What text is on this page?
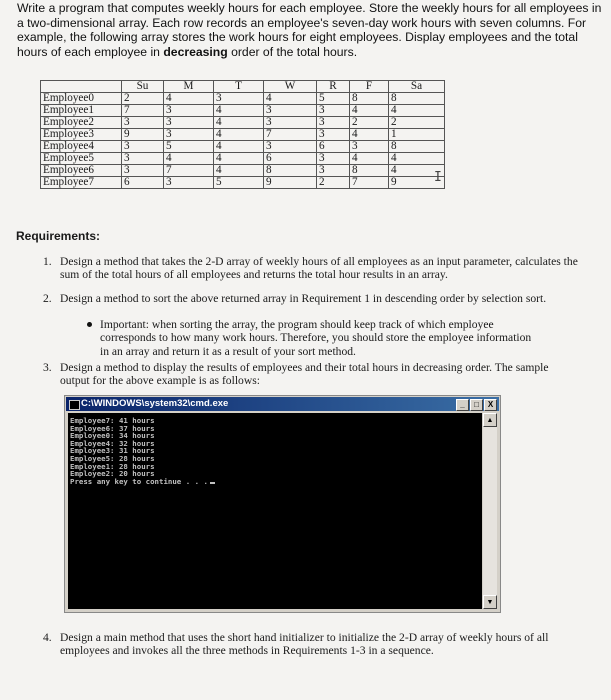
Write a program that computes weekly hours for each employee. Store the weekly hours for all employees in a two-dimensional array. Each row records an employee's seven-day work hours with seven columns. For example, the following array stores the work hours for eight employees. Display employees and the total hours of each employee in decreasing order of the total hours.
	Su	M	T	W	R	F	Sa
Employee0	2	4	3	4	5	8	8
Employee1	7	3	4	3	3	4	4
Employee2	3	3	4	3	3	2	2
Employee3	9	3	4	7	3	4	1
Employee4	3	5	4	3	6	3	8
Employee5	3	4	4	6	3	4	4
Employee6	3	7	4	8	3	8	4
Employee7	6	3	5	9	2	7	9	I
Requirements:
1. Design a method that takes the 2-D array of weekly hours of all employees as an input parameter, calculates the sum of the total hours of all employees and returns the total hour results in an array.
2. Design a method to sort the above returned array in Requirement 1 in descending order by selection sort.
Important: when sorting the array, the program should keep track of which employee corresponds to how many work hours. Therefore, you should store the employee information in an array and return it as a result of your sort method.
3. Design a method to display the results of employees and their total hours in decreasing order. The sample output for the above example is as follows:
C:\WINDOWS\system32\cmd.exe	_	□	X
Employee7: 41 hours
Employee6: 37 hours
Employee0: 34 hours
Employee4: 32 hours
Employee3: 31 hours
Employee5: 28 hours
Employee1: 28 hours
Employee2: 20 hours
Press any key to continue . . .
▲
▼
4. Design a main method that uses the short hand initializer to initialize the 2-D array of weekly hours of all employees and invokes all the three methods in Requirements 1-3 in a sequence.
